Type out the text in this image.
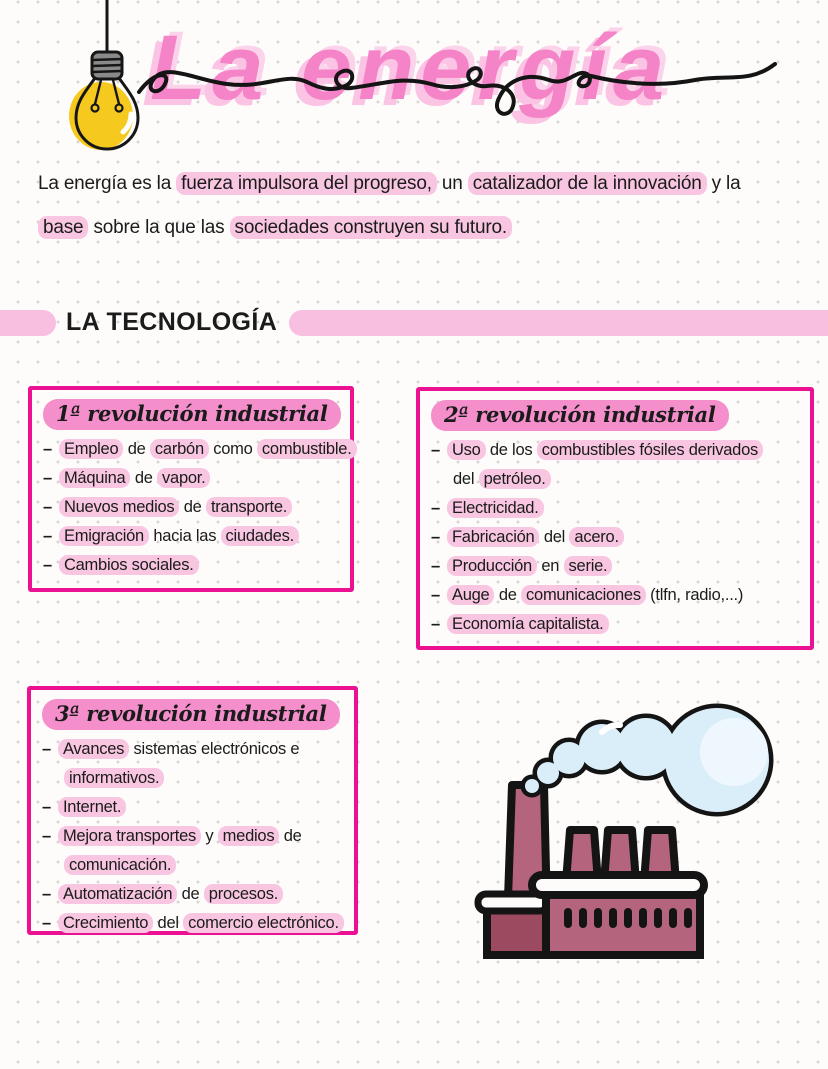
La energía
La energía es la fuerza impulsora del progreso, un catalizador de la innovación y la
base sobre la que las sociedades construyen su futuro.
LA TECNOLOGÍA
1ª revolución industrial
– Empleo de carbón como combustible.
– Máquina de vapor.
– Nuevos medios de transporte.
– Emigración hacia las ciudades.
– Cambios sociales.
2ª revolución industrial
– Uso de los combustibles fósiles derivados
del petróleo.
– Electricidad.
– Fabricación del acero.
– Producción en serie.
– Auge de comunicaciones (tlfn, radio,...)
– Economía capitalista.
3ª revolución industrial
– Avances sistemas electrónicos e
informativos.
– Internet.
– Mejora transportes y medios de
comunicación.
– Automatización de procesos.
– Crecimiento del comercio electrónico.
